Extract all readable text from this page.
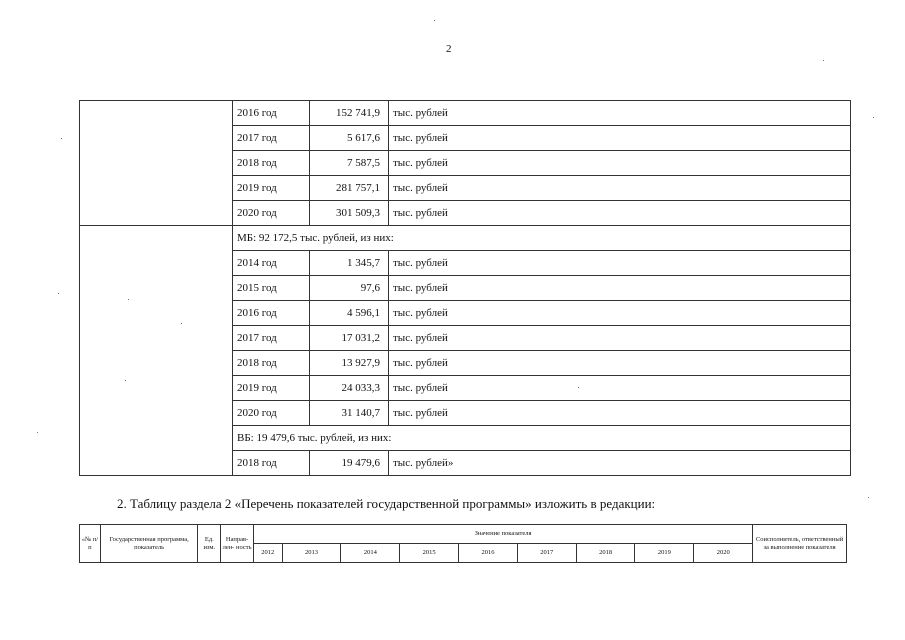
2
	2016 год	152 741,9	тыс. рублей
	2017 год	5 617,6	тыс. рублей
	2018 год	7 587,5	тыс. рублей
	2019 год	281 757,1	тыс. рублей
	2020 год	301 509,3	тыс. рублей
	МБ: 92 172,5 тыс. рублей, из них:		
	2014 год	1 345,7	тыс. рублей
	2015 год	97,6	тыс. рублей
	2016 год	4 596,1	тыс. рублей
	2017 год	17 031,2	тыс. рублей
	2018 год	13 927,9	тыс. рублей
	2019 год	24 033,3	тыс. рублей
	2020 год	31 140,7	тыс. рублей
	ВБ: 19 479,6 тыс. рублей, из них:		
	2018 год	19 479,6	тыс. рублей»
2. Таблицу раздела 2 «Перечень показателей государственной программы» изложить в редакции:
«№ п/п	Государственная программа, показатель	Ед. изм.	Направ- лен- ность	Значение показателя									Соисполнитель, ответственный за выполнение показателя
				2012	2013	2014	2015	2016	2017	2018	2019	2020	
